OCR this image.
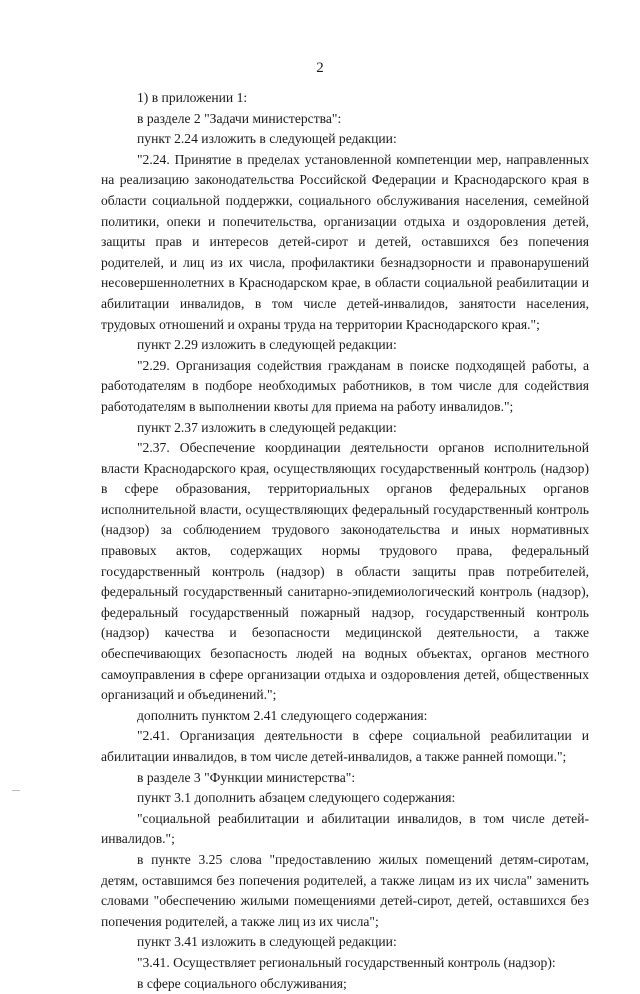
2

1) в приложении 1:

в разделе 2 "Задачи министерства":

пункт 2.24 изложить в следующей редакции:

"2.24. Принятие в пределах установленной компетенции мер, направленных на реализацию законодательства Российской Федерации и Краснодарского края в области социальной поддержки, социального обслуживания населения, семейной политики, опеки и попечительства, организации отдыха и оздоровления детей, защиты прав и интересов детей-сирот и детей, оставшихся без попечения родителей, и лиц из их числа, профилактики безнадзорности и правонарушений несовершеннолетних в Краснодарском крае, в области социальной реабилитации и абилитации инвалидов, в том числе детей-инвалидов, занятости населения, трудовых отношений и охраны труда на территории Краснодарского края.";

пункт 2.29 изложить в следующей редакции:

"2.29. Организация содействия гражданам в поиске подходящей работы, а работодателям в подборе необходимых работников, в том числе для содействия работодателям в выполнении квоты для приема на работу инвалидов.";

пункт 2.37 изложить в следующей редакции:

"2.37. Обеспечение координации деятельности органов исполнительной власти Краснодарского края, осуществляющих государственный контроль (надзор) в сфере образования, территориальных органов федеральных органов исполнительной власти, осуществляющих федеральный государственный контроль (надзор) за соблюдением трудового законодательства и иных нормативных правовых актов, содержащих нормы трудового права, федеральный государственный контроль (надзор) в области защиты прав потребителей, федеральный государственный санитарно-эпидемиологический контроль (надзор), федеральный государственный пожарный надзор, государственный контроль (надзор) качества и безопасности медицинской деятельности, а также обеспечивающих безопасность людей на водных объектах, органов местного самоуправления в сфере организации отдыха и оздоровления детей, общественных организаций и объединений.";

дополнить пунктом 2.41 следующего содержания:

"2.41. Организация деятельности в сфере социальной реабилитации и абилитации инвалидов, в том числе детей-инвалидов, а также ранней помощи.";

в разделе 3 "Функции министерства":

пункт 3.1 дополнить абзацем следующего содержания:

"социальной реабилитации и абилитации инвалидов, в том числе детей-инвалидов.";

в пункте 3.25 слова "предоставлению жилых помещений детям-сиротам, детям, оставшимся без попечения родителей, а также лицам из их числа" заменить словами "обеспечению жилыми помещениями детей-сирот, детей, оставшихся без попечения родителей, а также лиц из их числа";

пункт 3.41 изложить в следующей редакции:

"3.41. Осуществляет региональный государственный контроль (надзор):

в сфере социального обслуживания;
